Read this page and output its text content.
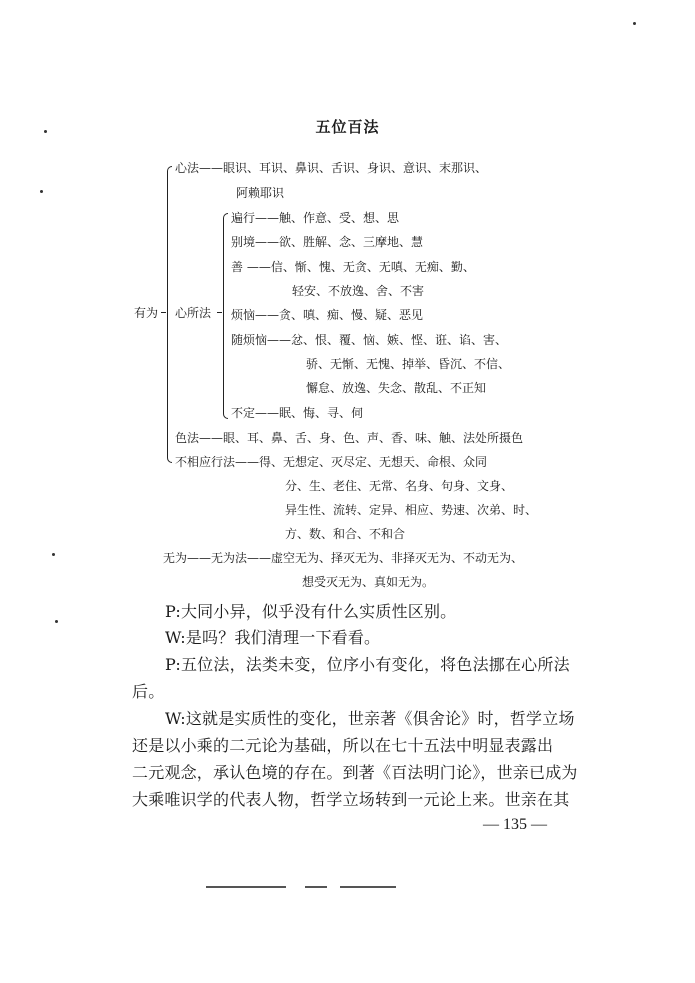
五位百法
有为
心法——眼识、耳识、鼻识、舌识、身识、意识、末那识、
阿赖耶识
心所法
遍行——触、作意、受、想、思
别境——欲、胜解、念、三摩地、慧
善 ——信、惭、愧、无贪、无嗔、无痴、勤、
轻安、不放逸、舍、不害
烦恼——贪、嗔、痴、慢、疑、恶见
随烦恼——忿、恨、覆、恼、嫉、悭、诳、谄、害、
骄、无惭、无愧、掉举、昏沉、不信、
懈怠、放逸、失念、散乱、不正知
不定——眠、悔、寻、伺
色法——眼、耳、鼻、舌、身、色、声、香、味、触、法处所摄色
不相应行法——得、无想定、灭尽定、无想天、命根、众同
分、生、老住、无常、名身、句身、文身、
异生性、流转、定异、相应、势速、次弟、时、
方、数、和合、不和合
无为——无为法——虚空无为、择灭无为、非择灭无为、不动无为、
想受灭无为、真如无为。
P:大同小异，似乎没有什么实质性区别。
W:是吗？我们清理一下看看。
P:五位法，法类未变，位序小有变化，将色法挪在心所法
后。
W:这就是实质性的变化，世亲著《俱舍论》时，哲学立场
还是以小乘的二元论为基础，所以在七十五法中明显表露出
二元观念，承认色境的存在。到著《百法明门论》，世亲已成为
大乘唯识学的代表人物，哲学立场转到一元论上来。世亲在其
— 135 —
